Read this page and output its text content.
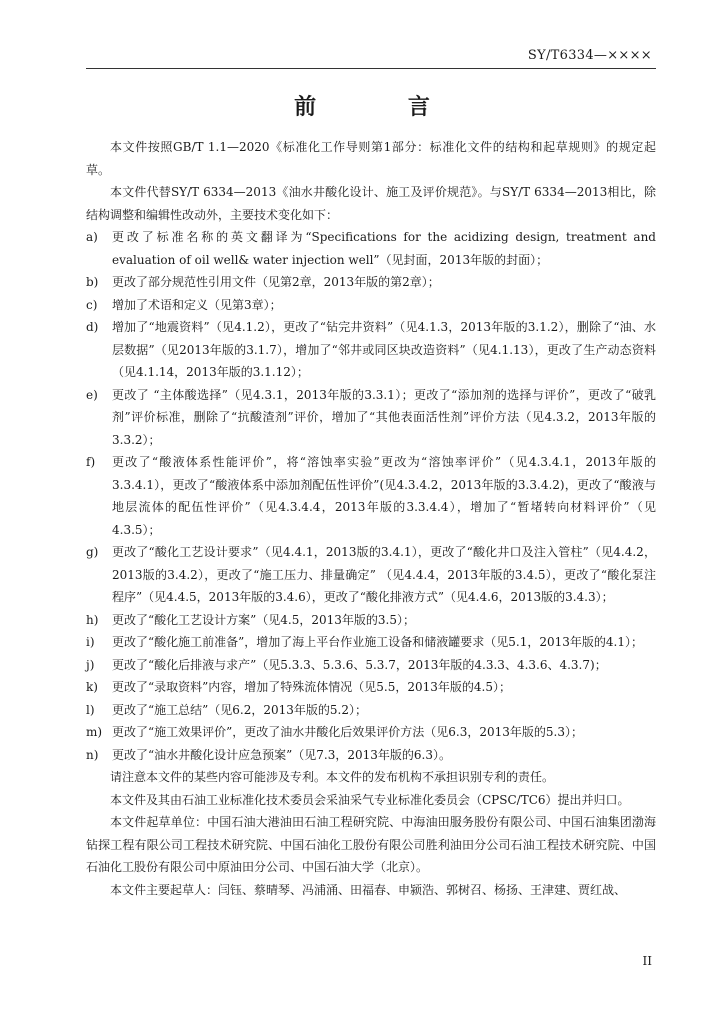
SY/T6334—××××
前 言

本文件按照GB/T 1.1—2020《标准化工作导则第1部分：标准化文件的结构和起草规则》的规定起草。

本文件代替SY/T 6334—2013《油水井酸化设计、施工及评价规范》。与SY/T 6334—2013相比，除结构调整和编辑性改动外，主要技术变化如下：

a) 更改了标准名称的英文翻译为“Specifications for the acidizing design, treatment and evaluation of oil well& water injection well”（见封面，2013年版的封面）；
b) 更改了部分规范性引用文件（见第2章，2013年版的第2章）；
c) 增加了术语和定义（见第3章）；
d) 增加了“地震资料”（见4.1.2），更改了“钻完井资料”（见4.1.3，2013年版的3.1.2），删除了“油、水层数据”（见2013年版的3.1.7），增加了“邻井或同区块改造资料”（见4.1.13），更改了生产动态资料（见4.1.14，2013年版的3.1.12）；
e) 更改了 “主体酸选择”（见4.3.1，2013年版的3.3.1）；更改了“添加剂的选择与评价”，更改了“破乳剂”评价标准，删除了“抗酸渣剂”评价，增加了“其他表面活性剂”评价方法（见4.3.2，2013年版的3.3.2）；
f) 更改了“酸液体系性能评价”，将“溶蚀率实验”更改为“溶蚀率评价”（见4.3.4.1，2013年版的3.3.4.1），更改了“酸液体系中添加剂配伍性评价”(见4.3.4.2，2013年版的3.3.4.2)，更改了“酸液与地层流体的配伍性评价”（见4.3.4.4，2013年版的3.3.4.4），增加了“暂堵转向材料评价”（见4.3.5）；
g) 更改了“酸化工艺设计要求”（见4.4.1，2013版的3.4.1），更改了“酸化井口及注入管柱”（见4.4.2，2013版的3.4.2），更改了“施工压力、排量确定” （见4.4.4，2013年版的3.4.5），更改了“酸化泵注程序”（见4.4.5，2013年版的3.4.6），更改了“酸化排液方式”（见4.4.6，2013版的3.4.3）；
h) 更改了“酸化工艺设计方案”（见4.5，2013年版的3.5）；
i) 更改了“酸化施工前准备”，增加了海上平台作业施工设备和储液罐要求（见5.1，2013年版的4.1）；
j) 更改了“酸化后排液与求产”（见5.3.3、5.3.6、5.3.7，2013年版的4.3.3、4.3.6、4.3.7)；
k) 更改了“录取资料”内容，增加了特殊流体情况（见5.5，2013年版的4.5）；
l) 更改了“施工总结”（见6.2，2013年版的5.2）；
m) 更改了“施工效果评价”，更改了油水井酸化后效果评价方法（见6.3，2013年版的5.3）；
n) 更改了“油水井酸化设计应急预案”（见7.3，2013年版的6.3）。

请注意本文件的某些内容可能涉及专利。本文件的发布机构不承担识别专利的责任。

本文件及其由石油工业标准化技术委员会采油采气专业标准化委员会（CPSC/TC6）提出并归口。

本文件起草单位：中国石油大港油田石油工程研究院、中海油田服务股份有限公司、中国石油集团渤海钻探工程有限公司工程技术研究院、中国石油化工股份有限公司胜利油田分公司石油工程技术研究院、中国石油化工股份有限公司中原油田分公司、中国石油大学（北京）。

本文件主要起草人：闫钰、蔡晴琴、冯浦涌、田福春、申颍浩、郭树召、杨扬、王津建、贾红战、

II
